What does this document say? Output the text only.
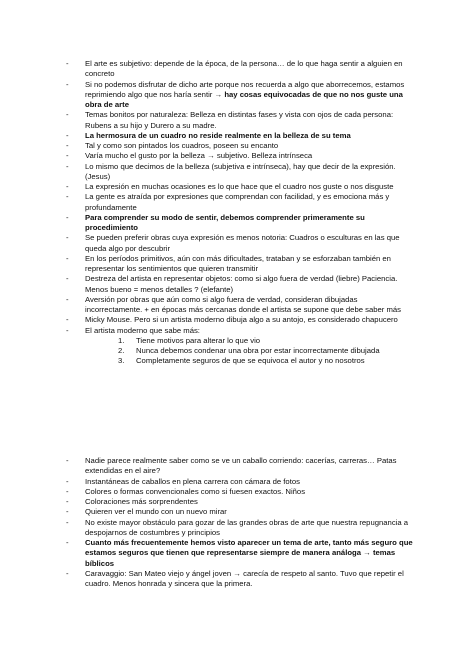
- El arte es subjetivo: depende de la época, de la persona… de lo que haga sentir a alguien en concreto
- Si no podemos disfrutar de dicho arte porque nos recuerda a algo que aborrecemos, estamos reprimiendo algo que nos haría sentir → hay cosas equivocadas de que no nos guste una obra de arte
- Temas bonitos por naturaleza: Belleza en distintas fases y vista con ojos de cada persona: Rubens a su hijo y Durero a su madre.
- La hermosura de un cuadro no reside realmente en la belleza de su tema
- Tal y como son pintados los cuadros, poseen su encanto
- Varía mucho el gusto por la belleza → subjetivo. Belleza intrínseca
- Lo mismo que decimos de la belleza (subjetiva e intrínseca), hay que decir de la expresión. (Jesus)
- La expresión en muchas ocasiones es lo que hace que el cuadro nos guste o nos disguste
- La gente es atraída por expresiones que comprendan con facilidad, y es emociona más y profundamente
- Para comprender su modo de sentir, debemos comprender primeramente su procedimiento
- Se pueden preferir obras cuya expresión es menos notoria: Cuadros o esculturas en las que queda algo por descubrir
- En los períodos primitivos, aún con más dificultades, trataban y se esforzaban también en representar los sentimientos que quieren transmitir
- Destreza del artista en representar objetos: como si algo fuera de verdad (liebre) Paciencia. Menos bueno = menos detalles ? (elefante)
- Aversión por obras que aún como si algo fuera de verdad, consideran dibujadas incorrectamente. + en épocas más cercanas donde el artista se supone que debe saber más
- Micky Mouse. Pero si un artista moderno dibuja algo a su antojo, es considerado chapucero
- El artista moderno que sabe más:
1. Tiene motivos para alterar lo que vio
2. Nunca debemos condenar una obra por estar incorrectamente dibujada
3. Completamente seguros de que se equivoca el autor y no nosotros
- Nadie parece realmente saber como se ve un caballo corriendo: cacerías, carreras… Patas extendidas en el aire?
- Instantáneas de caballos en plena carrera con cámara de fotos
- Colores o formas convencionales como si fuesen exactos. Niños
- Coloraciones más sorprendentes
- Quieren ver el mundo con un nuevo mirar
- No existe mayor obstáculo para gozar de las grandes obras de arte que nuestra repugnancia a despojarnos de costumbres y principios
- Cuanto más frecuentemente hemos visto aparecer un tema de arte, tanto más seguro que estamos seguros que tienen que representarse siempre de manera análoga → temas bíblicos
- Caravaggio: San Mateo viejo y ángel joven → carecía de respeto al santo. Tuvo que repetir el cuadro. Menos honrada y sincera que la primera.
